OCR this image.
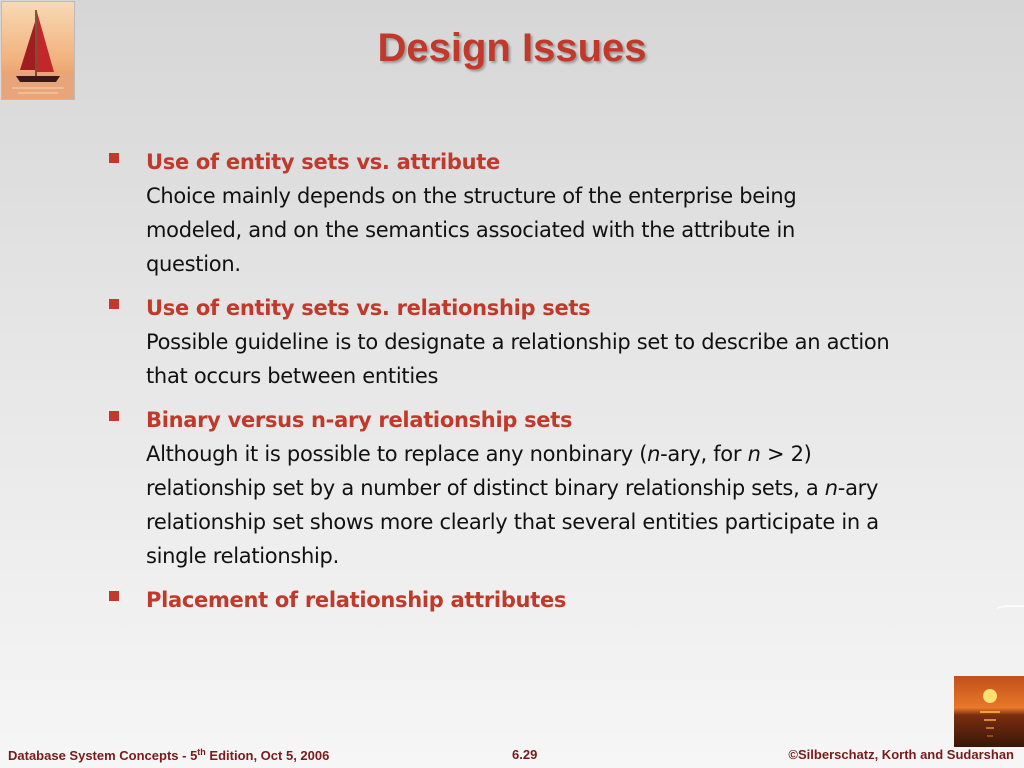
Design Issues
Use of entity sets vs. attribute
Choice mainly depends on the structure of the enterprise being modeled, and on the semantics associated with the attribute in question.
Use of entity sets vs. relationship sets
Possible guideline is to designate a relationship set to describe an action that occurs between entities
Binary versus n-ary relationship sets
Although it is possible to replace any nonbinary (n-ary, for n > 2) relationship set by a number of distinct binary relationship sets, a n-ary relationship set shows more clearly that several entities participate in a single relationship.
Placement of relationship attributes
Database System Concepts - 5th Edition, Oct 5, 2006	6.29	©Silberschatz, Korth and Sudarshan
